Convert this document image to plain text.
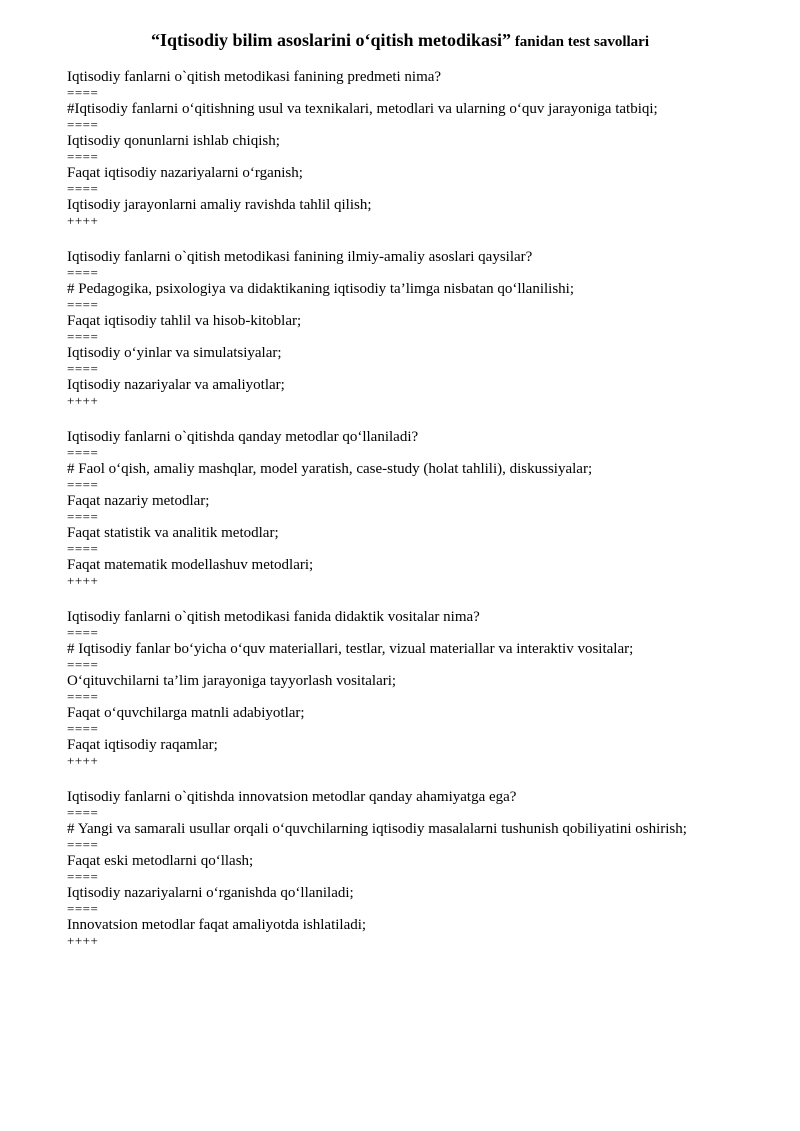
“Iqtisodiy bilim asoslarini o‘qitish metodikasi” fanidan test savollari
Iqtisodiy fanlarni o`qitish metodikasi fanining predmeti nima?
====
#Iqtisodiy fanlarni o‘qitishning usul va texnikalari, metodlari va ularning o‘quv jarayoniga tatbiqi;
====
Iqtisodiy qonunlarni ishlab chiqish;
====
Faqat iqtisodiy nazariyalarni o‘rganish;
====
Iqtisodiy jarayonlarni amaliy ravishda tahlil qilish;
++++
Iqtisodiy fanlarni o`qitish metodikasi fanining ilmiy-amaliy asoslari qaysilar?
====
# Pedagogika, psixologiya va didaktikaning iqtisodiy ta’limga nisbatan qo‘llanilishi;
====
Faqat iqtisodiy tahlil va hisob-kitoblar;
====
Iqtisodiy o‘yinlar va simulatsiyalar;
====
Iqtisodiy nazariyalar va amaliyotlar;
++++
Iqtisodiy fanlarni o`qitishda qanday metodlar qo‘llaniladi?
====
# Faol o‘qish, amaliy mashqlar, model yaratish, case-study (holat tahlili), diskussiyalar;
====
Faqat nazariy metodlar;
====
Faqat statistik va analitik metodlar;
====
Faqat matematik modellashuv metodlari;
++++
Iqtisodiy fanlarni o`qitish metodikasi fanida didaktik vositalar nima?
====
# Iqtisodiy fanlar bo‘yicha o‘quv materiallari, testlar, vizual materiallar va interaktiv vositalar;
====
O‘qituvchilarni ta’lim jarayoniga tayyorlash vositalari;
====
Faqat o‘quvchilarga matnli adabiyotlar;
====
Faqat iqtisodiy raqamlar;
++++
Iqtisodiy fanlarni o`qitishda innovatsion metodlar qanday ahamiyatga ega?
====
# Yangi va samarali usullar orqali o‘quvchilarning iqtisodiy masalalarni tushunish qobiliyatini oshirish;
====
Faqat eski metodlarni qo‘llash;
====
Iqtisodiy nazariyalarni o‘rganishda qo‘llaniladi;
====
Innovatsion metodlar faqat amaliyotda ishlatiladi;
++++
